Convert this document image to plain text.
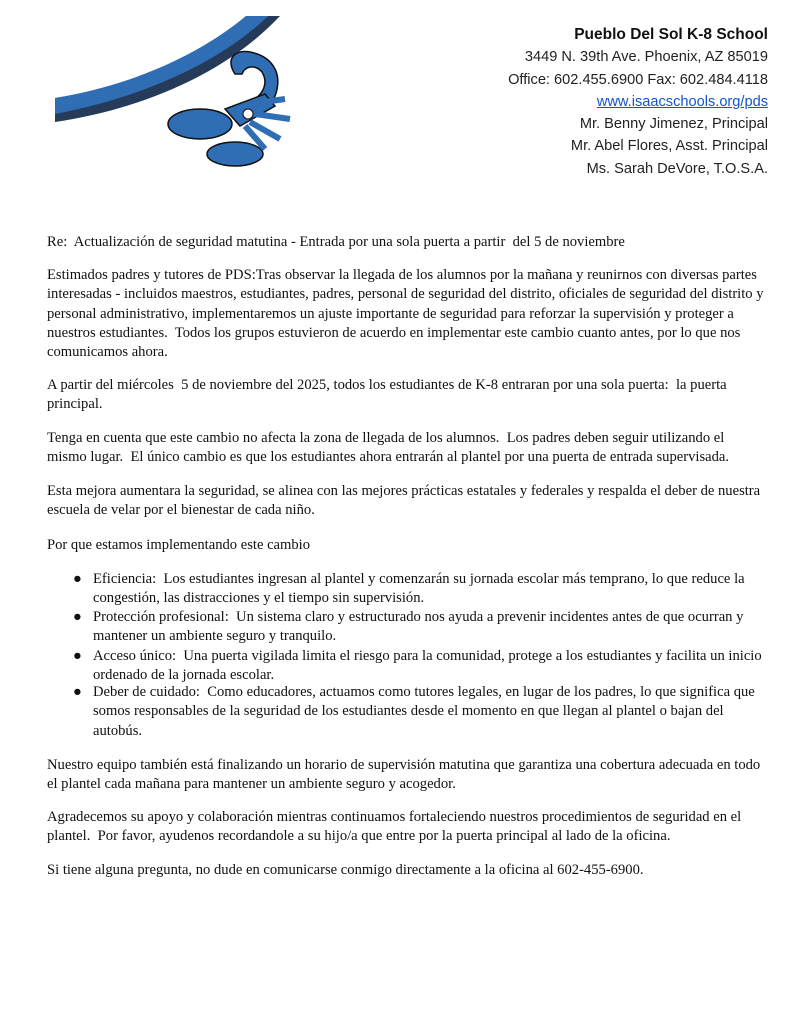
Pueblo Del Sol K-8 School
3449 N. 39th Ave. Phoenix, AZ 85019
Office: 602.455.6900 Fax: 602.484.4118
www.isaacschools.org/pds
Mr. Benny Jimenez, Principal
Mr. Abel Flores, Asst. Principal
Ms. Sarah DeVore, T.O.S.A.
Re:  Actualización de seguridad matutina - Entrada por una sola puerta a partir  del 5 de noviembre
Estimados padres y tutores de PDS:Tras observar la llegada de los alumnos por la mañana y reunirnos con diversas partes
interesadas - incluidos maestros, estudiantes, padres, personal de seguridad del distrito, oficiales de seguridad del distrito y
personal administrativo, implementaremos un ajuste importante de seguridad para reforzar la supervisión y proteger a
nuestros estudiantes.  Todos los grupos estuvieron de acuerdo en implementar este cambio cuanto antes, por lo que nos
comunicamos ahora.
A partir del miércoles  5 de noviembre del 2025, todos los estudiantes de K-8 entraran por una sola puerta:  la puerta
principal.
Tenga en cuenta que este cambio no afecta la zona de llegada de los alumnos.  Los padres deben seguir utilizando el
mismo lugar.  El único cambio es que los estudiantes ahora entrarán al plantel por una puerta de entrada supervisada.
Esta mejora aumentara la seguridad, se alinea con las mejores prácticas estatales y federales y respalda el deber de nuestra
escuela de velar por el bienestar de cada niño.
Por que estamos implementando este cambio
● Eficiencia:  Los estudiantes ingresan al plantel y comenzarán su jornada escolar más temprano, lo que reduce la
congestión, las distracciones y el tiempo sin supervisión.
● Protección profesional:  Un sistema claro y estructurado nos ayuda a prevenir incidentes antes de que ocurran y
mantener un ambiente seguro y tranquilo.
● Acceso único:  Una puerta vigilada limita el riesgo para la comunidad, protege a los estudiantes y facilita un inicio
ordenado de la jornada escolar.
● Deber de cuidado:  Como educadores, actuamos como tutores legales, en lugar de los padres, lo que significa que
somos responsables de la seguridad de los estudiantes desde el momento en que llegan al plantel o bajan del
autobús.
Nuestro equipo también está finalizando un horario de supervisión matutina que garantiza una cobertura adecuada en todo
el plantel cada mañana para mantener un ambiente seguro y acogedor.
Agradecemos su apoyo y colaboración mientras continuamos fortaleciendo nuestros procedimientos de seguridad en el
plantel.  Por favor, ayudenos recordandole a su hijo/a que entre por la puerta principal al lado de la oficina.
Si tiene alguna pregunta, no dude en comunicarse conmigo directamente a la oficina al 602-455-6900.
